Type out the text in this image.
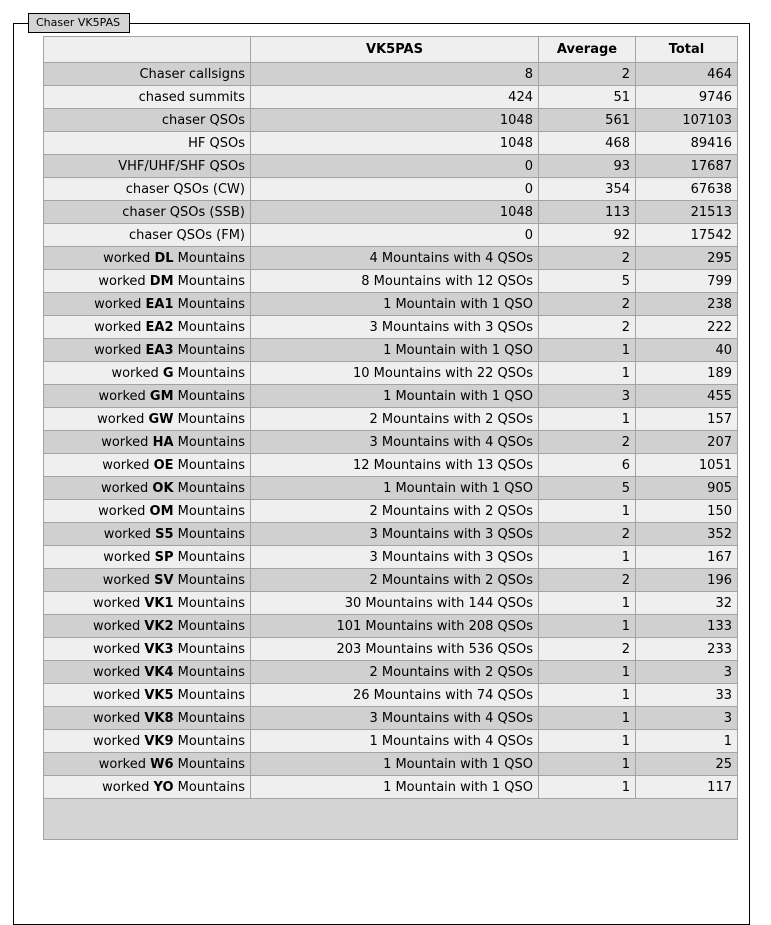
Chaser VK5PAS
	VK5PAS	Average	Total
Chaser callsigns	8	2	464
chased summits	424	51	9746
chaser QSOs	1048	561	107103
HF QSOs	1048	468	89416
VHF/UHF/SHF QSOs	0	93	17687
chaser QSOs (CW)	0	354	67638
chaser QSOs (SSB)	1048	113	21513
chaser QSOs (FM)	0	92	17542
worked DL Mountains	4 Mountains with 4 QSOs	2	295
worked DM Mountains	8 Mountains with 12 QSOs	5	799
worked EA1 Mountains	1 Mountain with 1 QSO	2	238
worked EA2 Mountains	3 Mountains with 3 QSOs	2	222
worked EA3 Mountains	1 Mountain with 1 QSO	1	40
worked G Mountains	10 Mountains with 22 QSOs	1	189
worked GM Mountains	1 Mountain with 1 QSO	3	455
worked GW Mountains	2 Mountains with 2 QSOs	1	157
worked HA Mountains	3 Mountains with 4 QSOs	2	207
worked OE Mountains	12 Mountains with 13 QSOs	6	1051
worked OK Mountains	1 Mountain with 1 QSO	5	905
worked OM Mountains	2 Mountains with 2 QSOs	1	150
worked S5 Mountains	3 Mountains with 3 QSOs	2	352
worked SP Mountains	3 Mountains with 3 QSOs	1	167
worked SV Mountains	2 Mountains with 2 QSOs	2	196
worked VK1 Mountains	30 Mountains with 144 QSOs	1	32
worked VK2 Mountains	101 Mountains with 208 QSOs	1	133
worked VK3 Mountains	203 Mountains with 536 QSOs	2	233
worked VK4 Mountains	2 Mountains with 2 QSOs	1	3
worked VK5 Mountains	26 Mountains with 74 QSOs	1	33
worked VK8 Mountains	3 Mountains with 4 QSOs	1	3
worked VK9 Mountains	1 Mountains with 4 QSOs	1	1
worked W6 Mountains	1 Mountain with 1 QSO	1	25
worked YO Mountains	1 Mountain with 1 QSO	1	117
